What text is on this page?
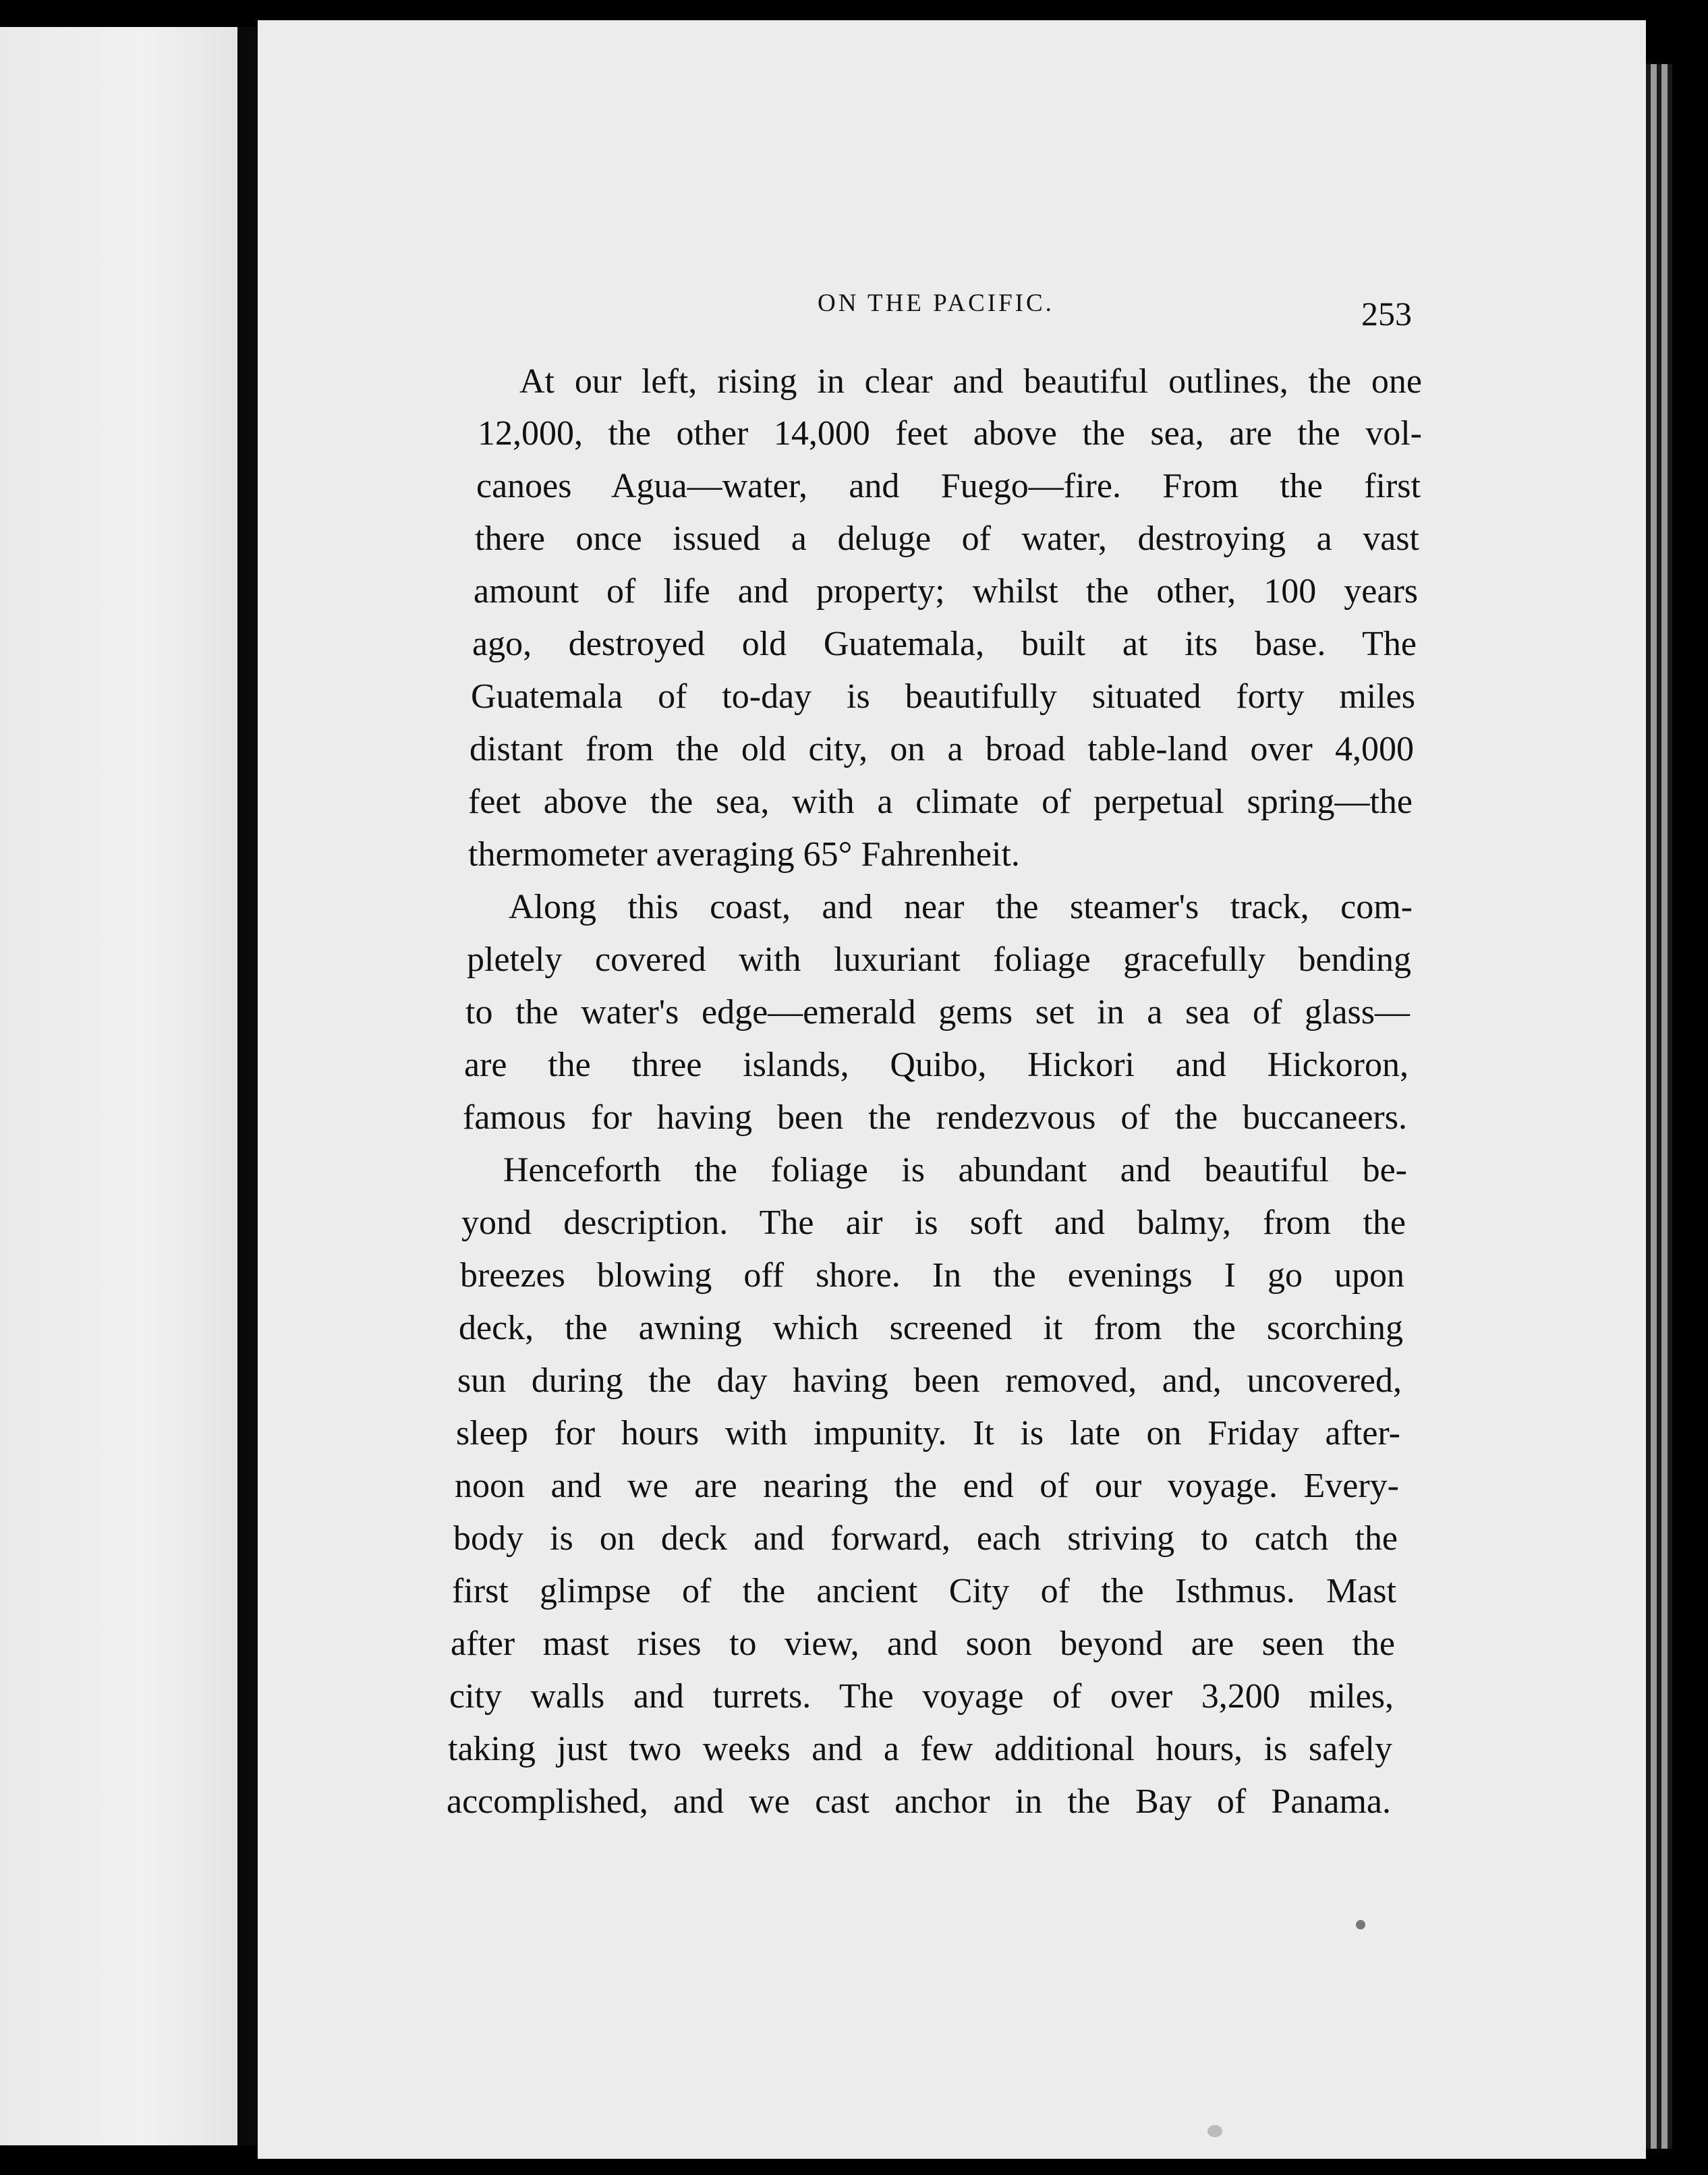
ON THE PACIFIC.	253

At our left, rising in clear and beautiful outlines, the one

12,000, the other 14,000 feet above the sea, are the vol-

canoes Agua—water, and Fuego—fire. From the first

there once issued a deluge of water, destroying a vast

amount of life and property; whilst the other, 100 years

ago, destroyed old Guatemala, built at its base. The

Guatemala of to-day is beautifully situated forty miles

distant from the old city, on a broad table-land over 4,000

feet above the sea, with a climate of perpetual spring—the

thermometer averaging 65° Fahrenheit.

Along this coast, and near the steamer's track, com-

pletely covered with luxuriant foliage gracefully bending

to the water's edge—emerald gems set in a sea of glass—

are the three islands, Quibo, Hickori and Hickoron,

famous for having been the rendezvous of the buccaneers.

Henceforth the foliage is abundant and beautiful be-

yond description. The air is soft and balmy, from the

breezes blowing off shore. In the evenings I go upon

deck, the awning which screened it from the scorching

sun during the day having been removed, and, uncovered,

sleep for hours with impunity. It is late on Friday after-

noon and we are nearing the end of our voyage. Every-

body is on deck and forward, each striving to catch the

first glimpse of the ancient City of the Isthmus. Mast

after mast rises to view, and soon beyond are seen the

city walls and turrets. The voyage of over 3,200 miles,

taking just two weeks and a few additional hours, is safely

accomplished, and we cast anchor in the Bay of Panama.
